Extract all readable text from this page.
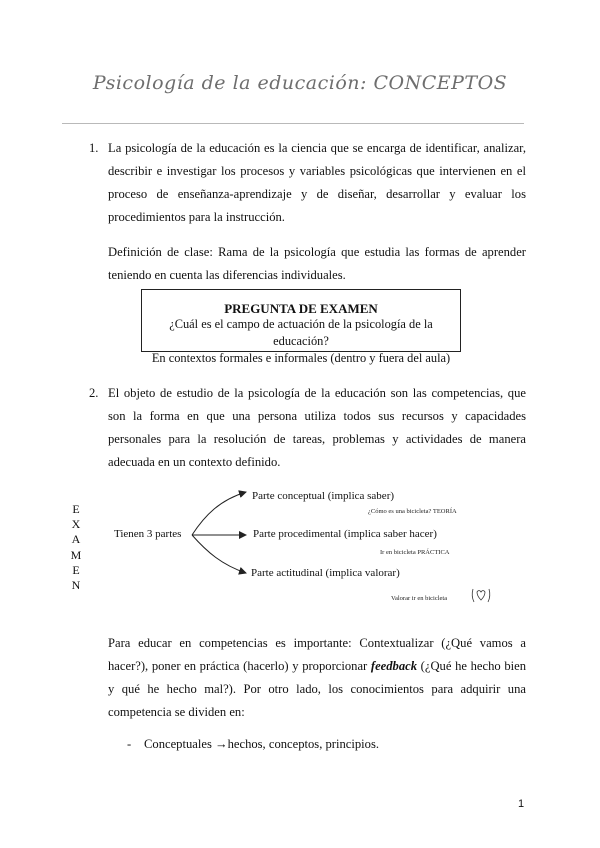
Psicología de la educación: CONCEPTOS
1. La psicología de la educación es la ciencia que se encarga de identificar, analizar, describir e investigar los procesos y variables psicológicas que intervienen en el proceso de enseñanza-aprendizaje y de diseñar, desarrollar y evaluar los procedimientos para la instrucción.
Definición de clase: Rama de la psicología que estudia las formas de aprender teniendo en cuenta las diferencias individuales.
PREGUNTA DE EXAMEN
¿Cuál es el campo de actuación de la psicología de la educación?
En contextos formales e informales (dentro y fuera del aula)
2. El objeto de estudio de la psicología de la educación son las competencias, que son la forma en que una persona utiliza todos sus recursos y capacidades personales para la resolución de tareas, problemas y actividades de manera adecuada en un contexto definido.
E
X
A
M
E
N
Tienen 3 partes
Parte conceptual (implica saber)
Parte procedimental (implica saber hacer)
Parte actitudinal (implica valorar)
¿Cómo es una bicicleta? TEORÍA
Ir en bicicleta PRÁCTICA
Valorar ir en bicicleta
Para educar en competencias es importante: Contextualizar (¿Qué vamos a hacer?), poner en práctica (hacerlo) y proporcionar feedback (¿Qué he hecho bien y qué he hecho mal?). Por otro lado, los conocimientos para adquirir una competencia se dividen en:
- Conceptuales →hechos, conceptos, principios.
1
